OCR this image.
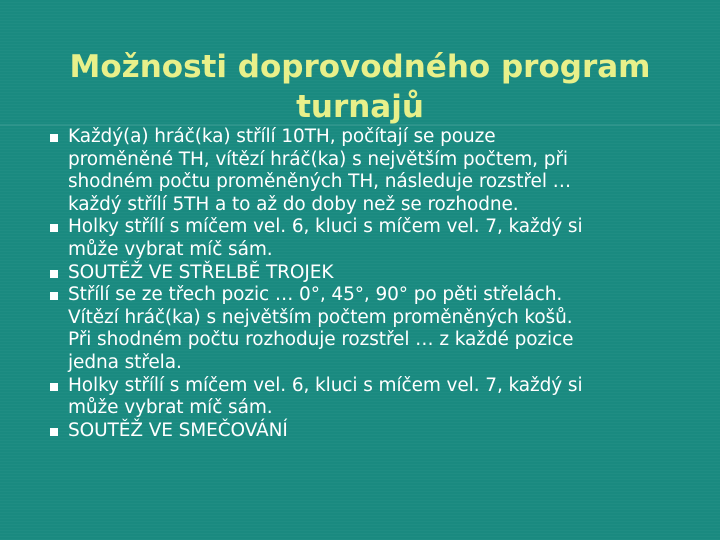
Možnosti doprovodného program
turnajů
Každý(a) hráč(ka) střílí 10TH, počítají se pouze
proměněné TH, vítězí hráč(ka) s největším počtem, při
shodném počtu proměněných TH, následuje rozstřel …
každý střílí 5TH a to až do doby než se rozhodne.
Holky střílí s míčem vel. 6, kluci s míčem vel. 7, každý si
může vybrat míč sám.
SOUTĚŽ VE STŘELBĚ TROJEK
Střílí se ze třech pozic … 0°, 45°, 90° po pěti střelách.
Vítězí hráč(ka) s největším počtem proměněných košů.
Při shodném počtu rozhoduje rozstřel … z každé pozice
jedna střela.
Holky střílí s míčem vel. 6, kluci s míčem vel. 7, každý si
může vybrat míč sám.
SOUTĚŽ VE SMEČOVÁNÍ
